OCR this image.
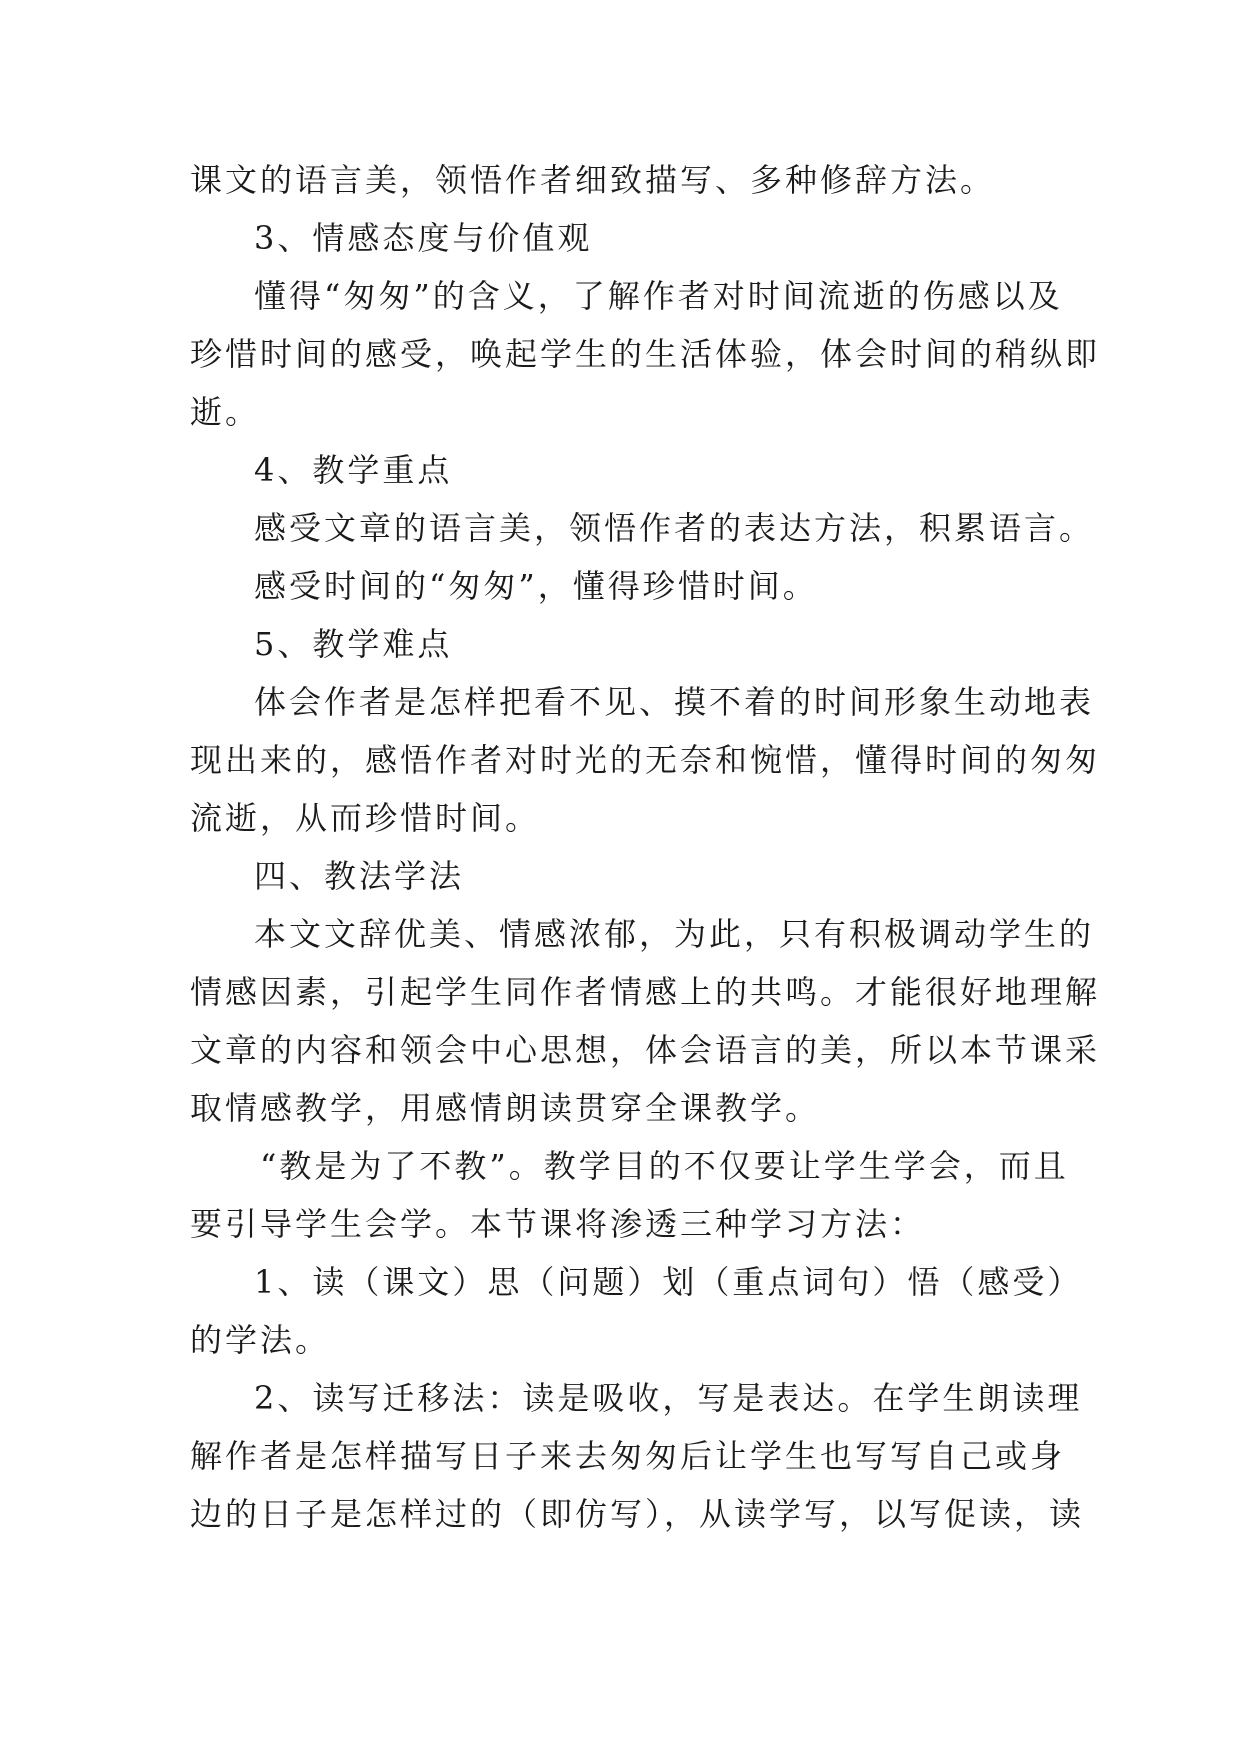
课文的语言美，领悟作者细致描写、多种修辞方法。

3、情感态度与价值观

懂得“匆匆”的含义，了解作者对时间流逝的伤感以及

珍惜时间的感受，唤起学生的生活体验，体会时间的稍纵即

逝。

4、教学重点

感受文章的语言美，领悟作者的表达方法，积累语言。

感受时间的“匆匆”，懂得珍惜时间。

5、教学难点

体会作者是怎样把看不见、摸不着的时间形象生动地表

现出来的，感悟作者对时光的无奈和惋惜，懂得时间的匆匆

流逝，从而珍惜时间。

四、教法学法

本文文辞优美、情感浓郁，为此，只有积极调动学生的

情感因素，引起学生同作者情感上的共鸣。才能很好地理解

文章的内容和领会中心思想，体会语言的美，所以本节课采

取情感教学，用感情朗读贯穿全课教学。

“教是为了不教”。教学目的不仅要让学生学会，而且

要引导学生会学。本节课将渗透三种学习方法：

1、读（课文）思（问题）划（重点词句）悟（感受）

的学法。

2、读写迁移法：读是吸收，写是表达。在学生朗读理

解作者是怎样描写日子来去匆匆后让学生也写写自己或身

边的日子是怎样过的（即仿写），从读学写，以写促读，读
